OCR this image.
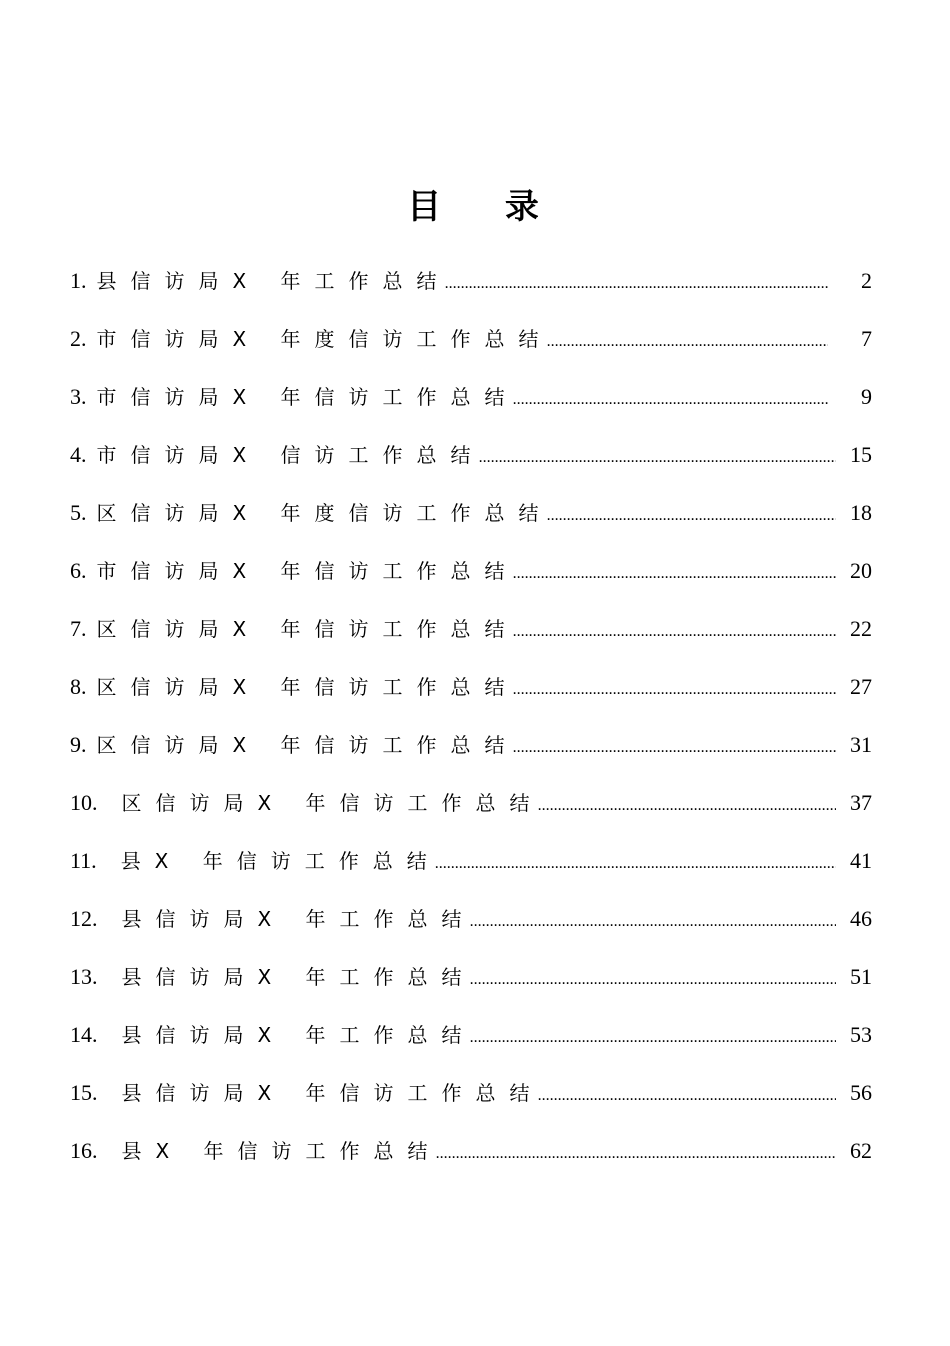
目 录
1. 县信访局X 年工作总结 .....	2
2. 市信访局X 年度信访工作总结 .....	7
3. 市信访局X 年信访工作总结 .....	9
4. 市信访局X 信访工作总结 .....	15
5. 区信访局X 年度信访工作总结 .....	18
6. 市信访局X 年信访工作总结 .....	20
7. 区信访局X 年信访工作总结 .....	22
8. 区信访局X 年信访工作总结 .....	27
9. 区信访局X 年信访工作总结 .....	31
10. 区信访局X 年信访工作总结 .....	37
11. 县X 年信访工作总结 .....	41
12. 县信访局X 年工作总结 .....	46
13. 县信访局X 年工作总结 .....	51
14. 县信访局X 年工作总结 .....	53
15. 县信访局X 年信访工作总结 .....	56
16. 县X 年信访工作总结 .....	62
